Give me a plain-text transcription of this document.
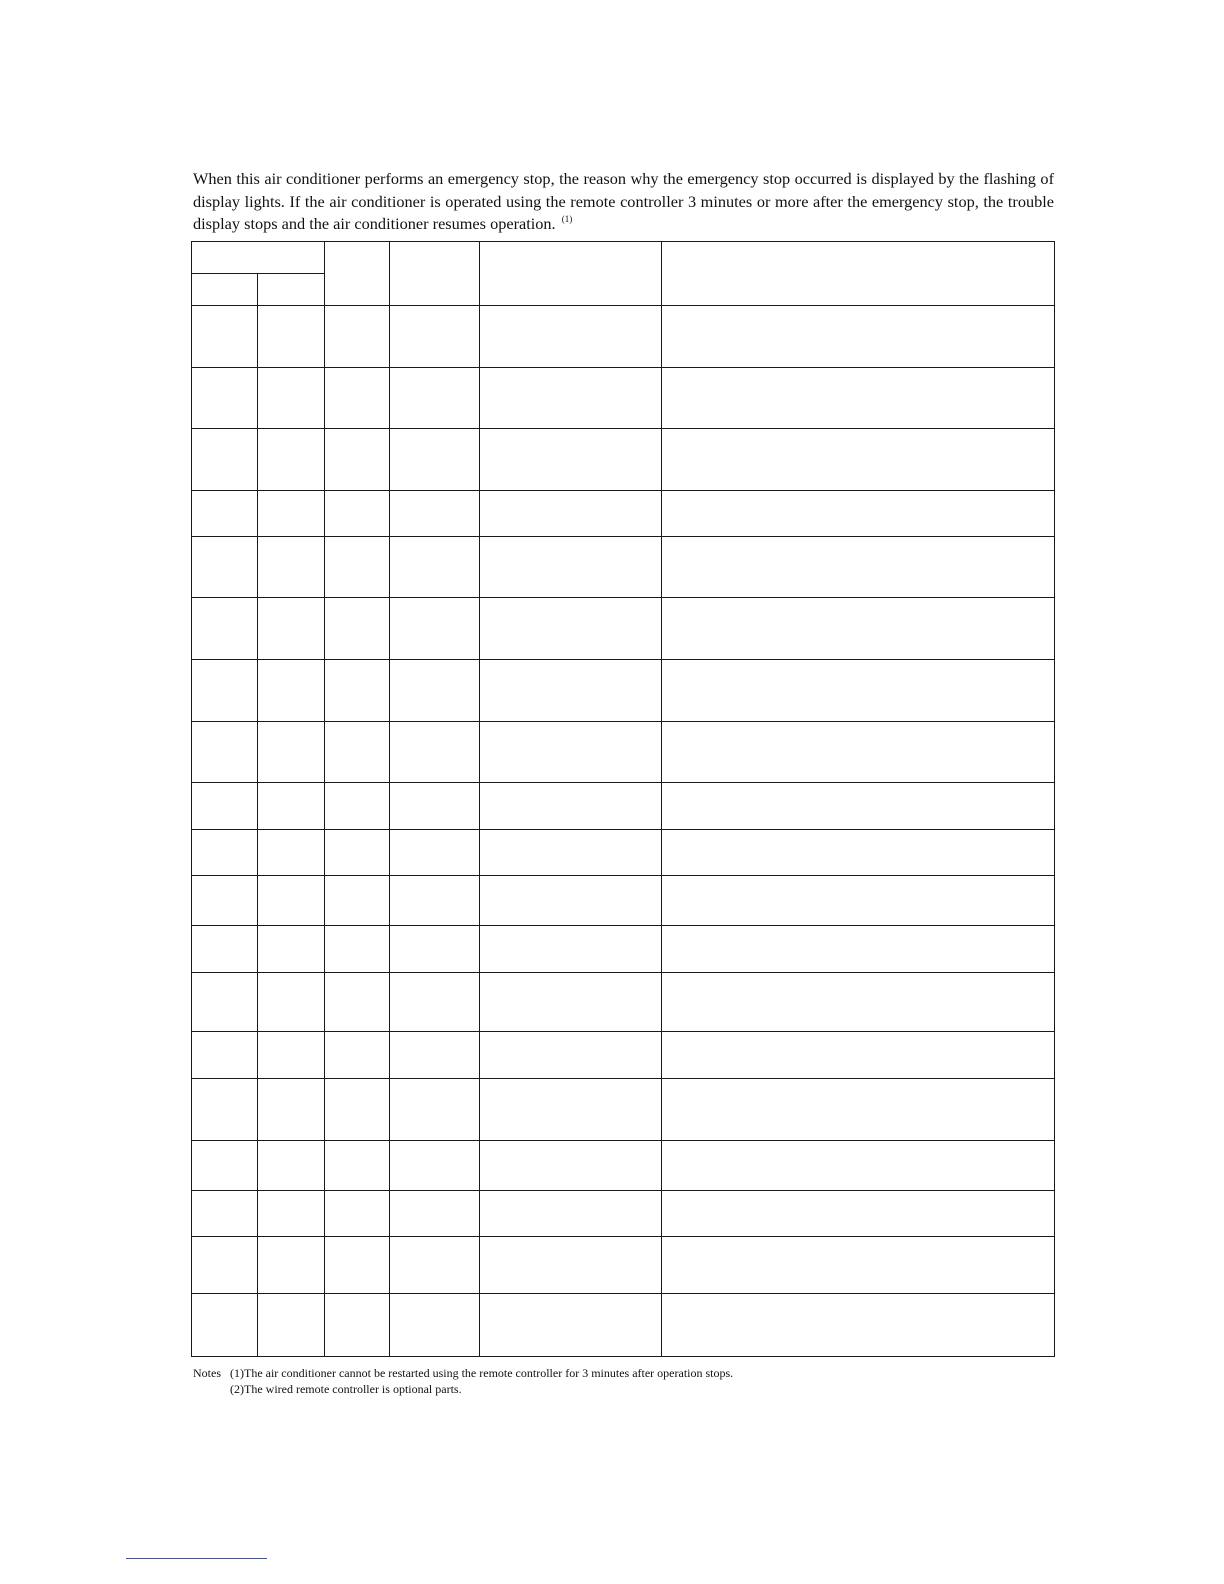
When this air conditioner performs an emergency stop, the reason why the emergency stop occurred is displayed by the flashing of display lights. If the air conditioner is operated using the remote controller 3 minutes or more after the emergency stop, the trouble display stops and the air conditioner resumes operation. $^{(1)}$

Notes (1)The air conditioner cannot be restarted using the remote controller for 3 minutes after operation stops.
(2)The wired remote controller is optional parts.
